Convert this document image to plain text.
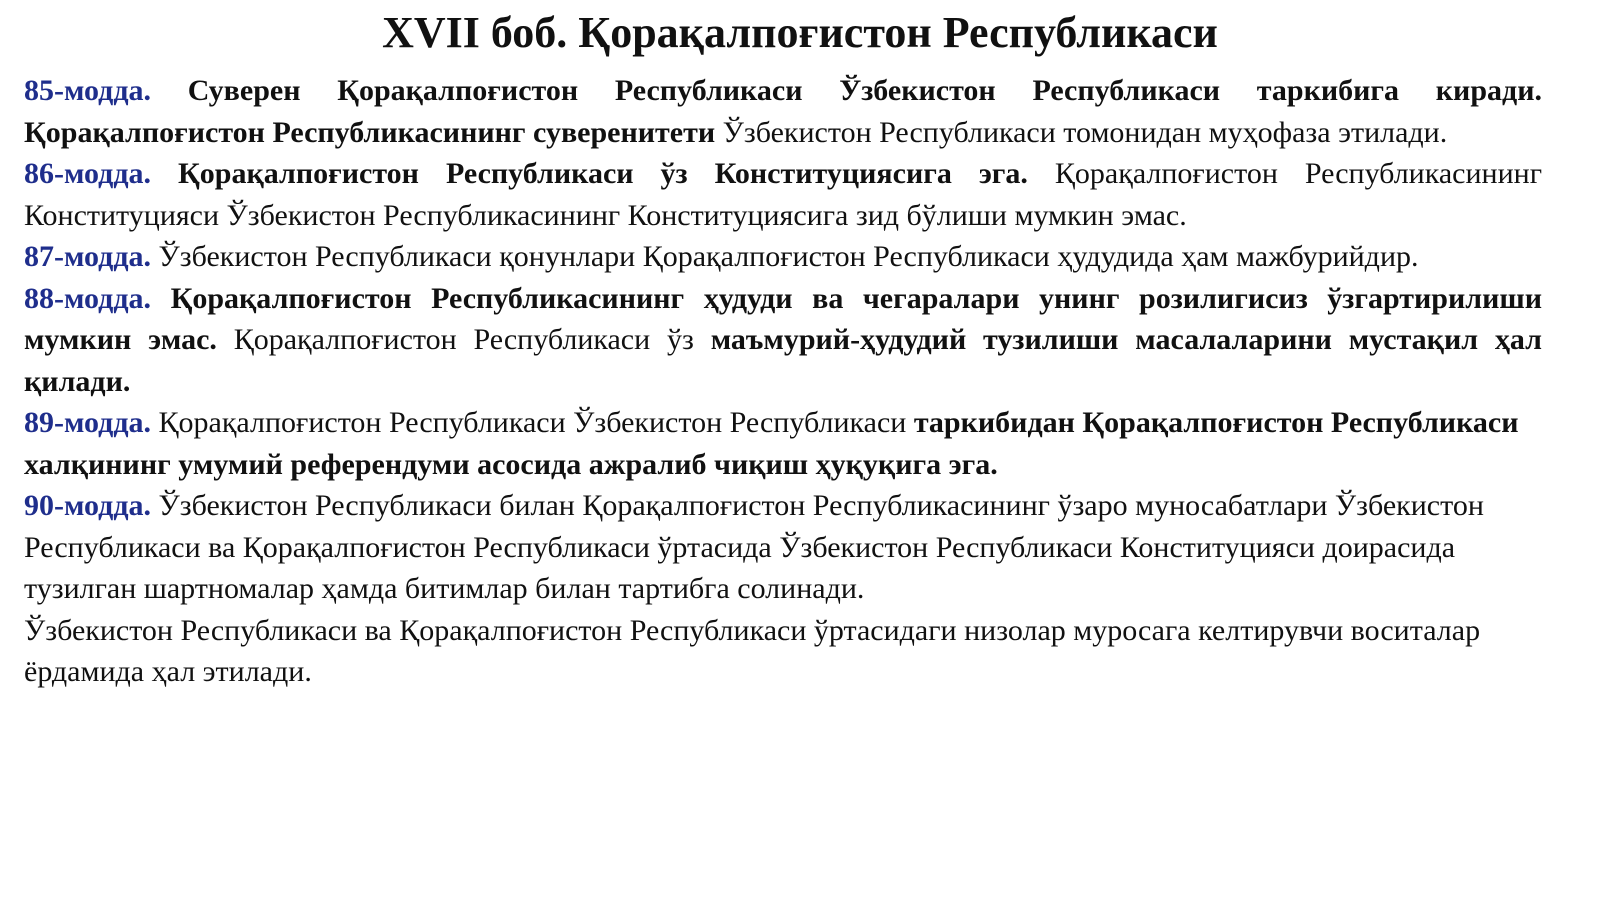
XVII боб. Қорақалпоғистон Республикаси

85-модда. Суверен Қорақалпоғистон Республикаси Ўзбекистон Республикаси таркибига киради. Қорақалпоғистон Республикасининг суверенитети Ўзбекистон Республикаси томонидан муҳофаза этилади.

86-модда. Қорақалпоғистон Республикаси ўз Конституциясига эга. Қорақалпоғистон Республикасининг Конституцияси Ўзбекистон Республикасининг Конституциясига зид бўлиши мумкин эмас.

87-модда. Ўзбекистон Республикаси қонунлари Қорақалпоғистон Республикаси ҳудудида ҳам мажбурийдир.

88-модда. Қорақалпоғистон Республикасининг ҳудуди ва чегаралари унинг розилигисиз ўзгартирилиши мумкин эмас. Қорақалпоғистон Республикаси ўз маъмурий-ҳудудий тузилиши масалаларини мустақил ҳал қилади.

89-модда. Қорақалпоғистон Республикаси Ўзбекистон Республикаси таркибидан Қорақалпоғистон Республикаси халқининг умумий референдуми асосида ажралиб чиқиш ҳуқуқига эга.

90-модда. Ўзбекистон Республикаси билан Қорақалпоғистон Республикасининг ўзаро муносабатлари Ўзбекистон Республикаси ва Қорақалпоғистон Республикаси ўртасида Ўзбекистон Республикаси Конституцияси доирасида тузилган шартномалар ҳамда битимлар билан тартибга солинади.
Ўзбекистон Республикаси ва Қорақалпоғистон Республикаси ўртасидаги низолар муросага келтирувчи воситалар ёрдамида ҳал этилади.
